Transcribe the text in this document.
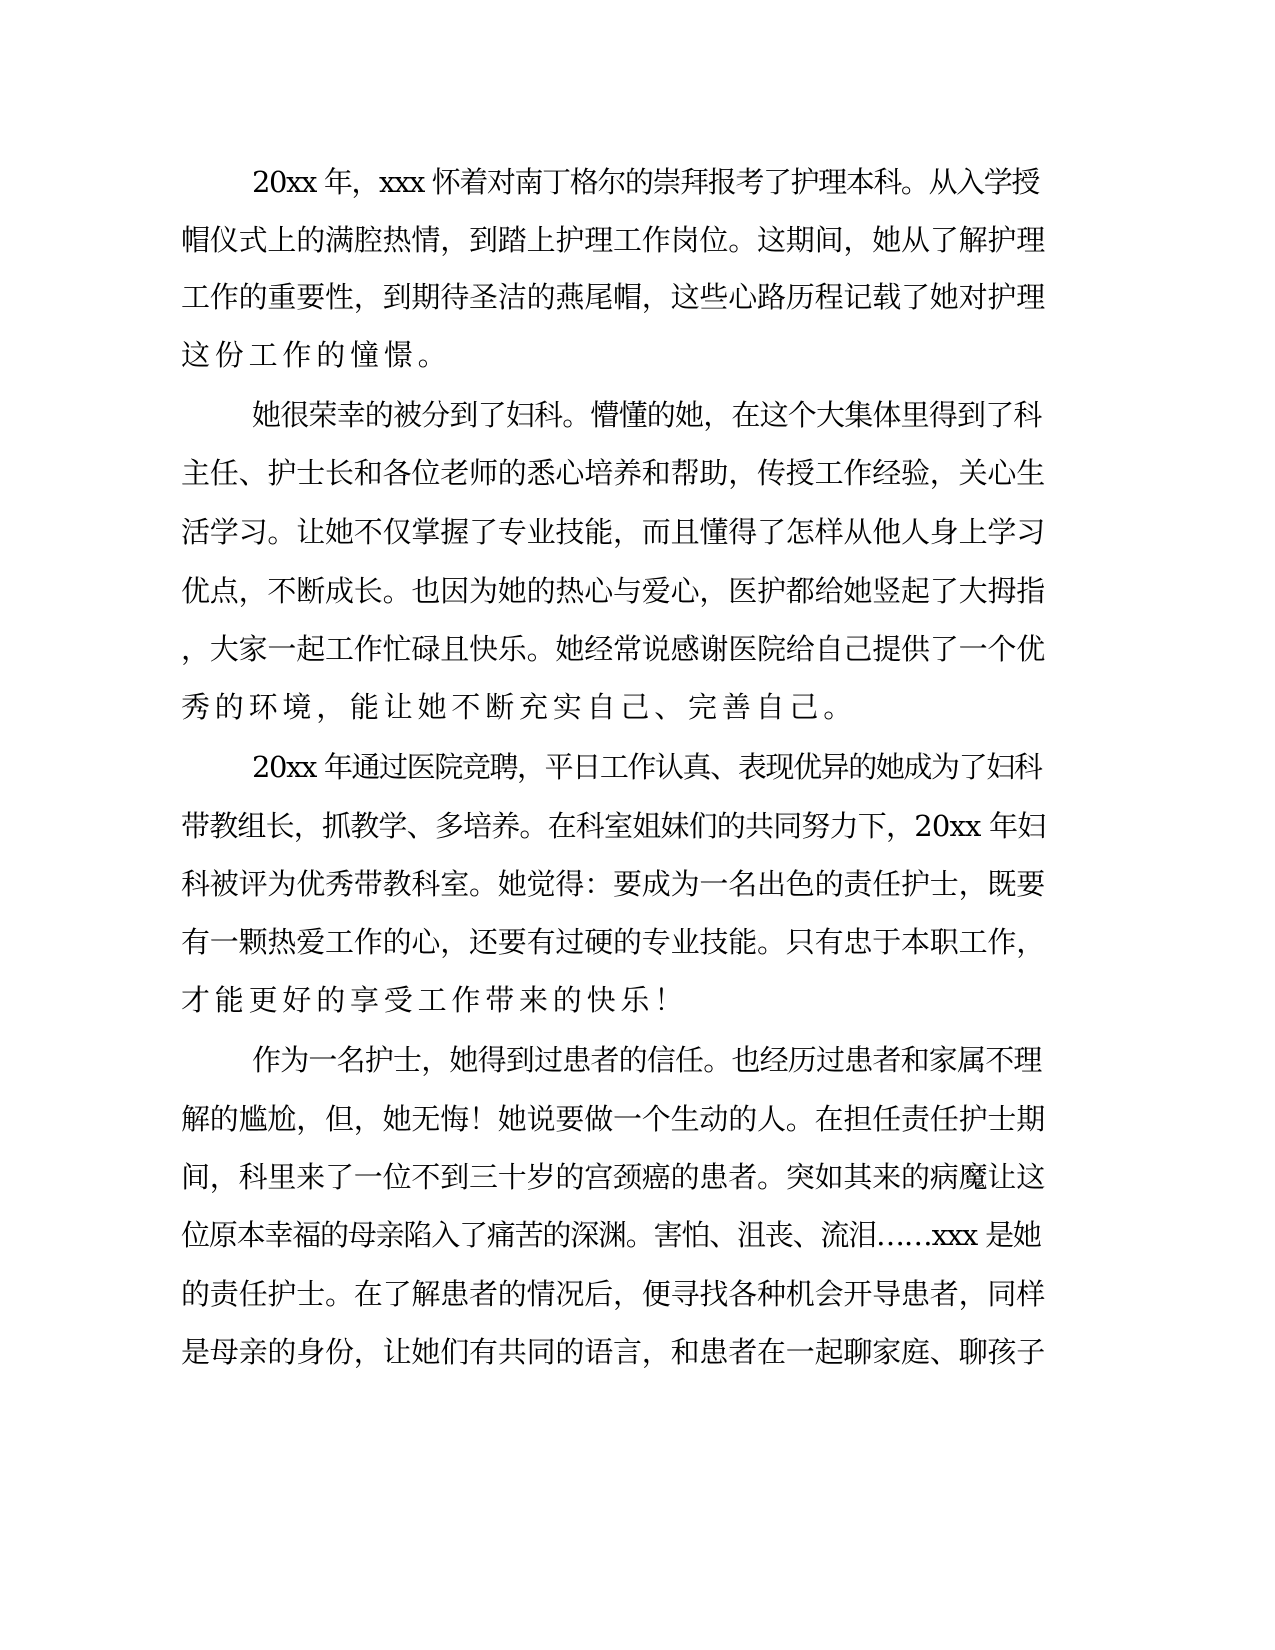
20xx 年，xxx 怀着对南丁格尔的崇拜报考了护理本科。从入学授

帽仪式上的满腔热情，到踏上护理工作岗位。这期间，她从了解护理

工作的重要性，到期待圣洁的燕尾帽，这些心路历程记载了她对护理

这份工作的憧憬。

她很荣幸的被分到了妇科。懵懂的她，在这个大集体里得到了科

主任、护士长和各位老师的悉心培养和帮助，传授工作经验，关心生

活学习。让她不仅掌握了专业技能，而且懂得了怎样从他人身上学习

优点，不断成长。也因为她的热心与爱心，医护都给她竖起了大拇指

，大家一起工作忙碌且快乐。她经常说感谢医院给自己提供了一个优

秀的环境，能让她不断充实自己、完善自己。

20xx 年通过医院竞聘，平日工作认真、表现优异的她成为了妇科

带教组长，抓教学、多培养。在科室姐妹们的共同努力下，20xx 年妇

科被评为优秀带教科室。她觉得：要成为一名出色的责任护士，既要

有一颗热爱工作的心，还要有过硬的专业技能。只有忠于本职工作，

才能更好的享受工作带来的快乐！

作为一名护士，她得到过患者的信任。也经历过患者和家属不理

解的尴尬，但，她无悔！她说要做一个生动的人。在担任责任护士期

间，科里来了一位不到三十岁的宫颈癌的患者。突如其来的病魔让这

位原本幸福的母亲陷入了痛苦的深渊。害怕、沮丧、流泪……xxx 是她

的责任护士。在了解患者的情况后，便寻找各种机会开导患者，同样

是母亲的身份，让她们有共同的语言，和患者在一起聊家庭、聊孩子
